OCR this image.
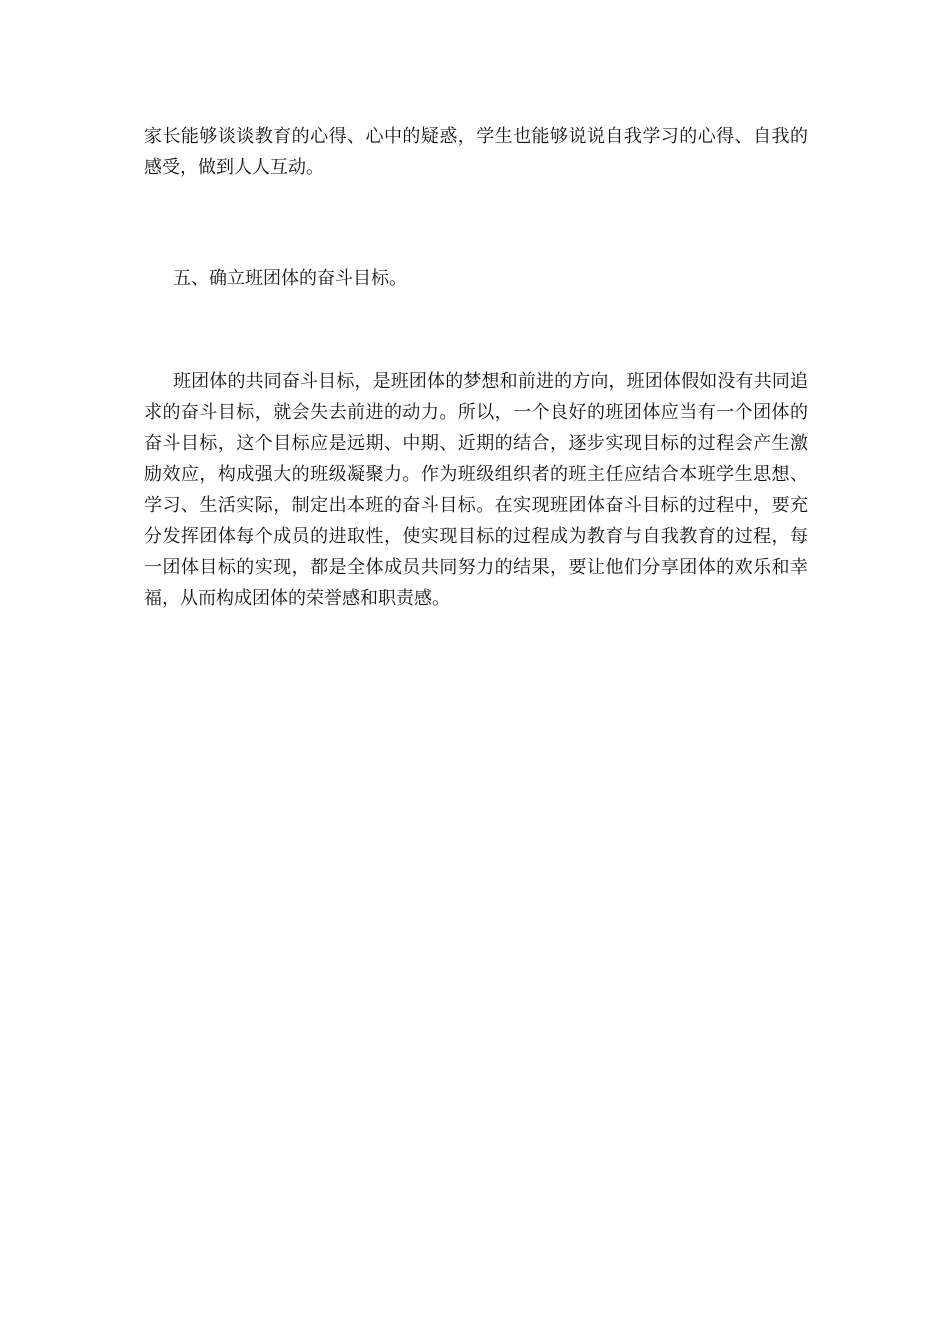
家长能够谈谈教育的心得、心中的疑惑，学生也能够说说自我学习的心得、自我的感受，做到人人互动。

五、确立班团体的奋斗目标。

班团体的共同奋斗目标，是班团体的梦想和前进的方向，班团体假如没有共同追求的奋斗目标，就会失去前进的动力。所以，一个良好的班团体应当有一个团体的奋斗目标，这个目标应是远期、中期、近期的结合，逐步实现目标的过程会产生激励效应，构成强大的班级凝聚力。作为班级组织者的班主任应结合本班学生思想、学习、生活实际，制定出本班的奋斗目标。在实现班团体奋斗目标的过程中，要充分发挥团体每个成员的进取性，使实现目标的过程成为教育与自我教育的过程，每一团体目标的实现，都是全体成员共同努力的结果，要让他们分享团体的欢乐和幸福，从而构成团体的荣誉感和职责感。
